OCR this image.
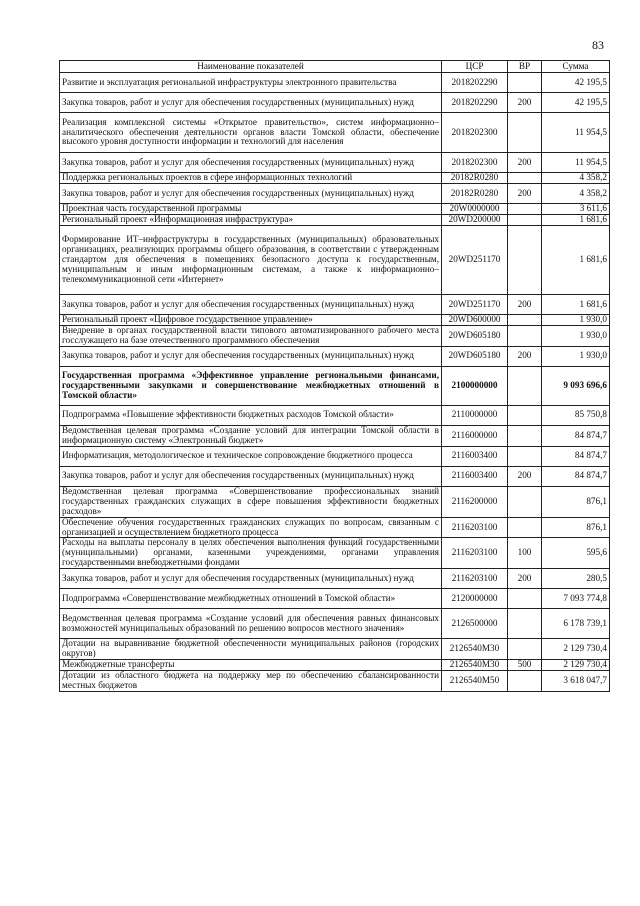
83
Наименование показателей	ЦСР	ВР	Сумма
Развитие и эксплуатация региональной инфраструктуры электронного правительства	2018202290		42 195,5
Закупка товаров, работ и услуг для обеспечения государственных (муниципальных) нужд	2018202290	200	42 195,5
Реализация комплексной системы «Открытое правительство», систем информационно–аналитического обеспечения деятельности органов власти Томской области, обеспечение высокого уровня доступности информации и технологий для населения	2018202300		11 954,5
Закупка товаров, работ и услуг для обеспечения государственных (муниципальных) нужд	2018202300	200	11 954,5
Поддержка региональных проектов в сфере информационных технологий	20182R0280		4 358,2
Закупка товаров, работ и услуг для обеспечения государственных (муниципальных) нужд	20182R0280	200	4 358,2
Проектная часть государственной программы	20W0000000		3 611,6
Региональный проект «Информационная инфраструктура»	20WD200000		1 681,6
Формирование ИТ–инфраструктуры в государственных (муниципальных) образовательных организациях, реализующих программы общего образования, в соответствии с утвержденным стандартом для обеспечения в помещениях безопасного доступа к государственным, муниципальным и иным информационным системам, а также к информационно–телекоммуникационной сети «Интернет»	20WD251170		1 681,6
Закупка товаров, работ и услуг для обеспечения государственных (муниципальных) нужд	20WD251170	200	1 681,6
Региональный проект «Цифровое государственное управление»	20WD600000		1 930,0
Внедрение в органах государственной власти типового автоматизированного рабочего места госслужащего на базе отечественного программного обеспечения	20WD605180		1 930,0
Закупка товаров, работ и услуг для обеспечения государственных (муниципальных) нужд	20WD605180	200	1 930,0
Государственная программа «Эффективное управление региональными финансами, государственными закупками и совершенствование межбюджетных отношений в Томской области»	2100000000		9 093 696,6
Подпрограмма «Повышение эффективности бюджетных расходов Томской области»	2110000000		85 750,8
Ведомственная целевая программа «Создание условий для интеграции Томской области в информационную систему «Электронный бюджет»	2116000000		84 874,7
Информатизация, методологическое и техническое сопровождение бюджетного процесса	2116003400		84 874,7
Закупка товаров, работ и услуг для обеспечения государственных (муниципальных) нужд	2116003400	200	84 874,7
Ведомственная целевая программа «Совершенствование профессиональных знаний государственных гражданских служащих в сфере повышения эффективности бюджетных расходов»	2116200000		876,1
Обеспечение обучения государственных гражданских служащих по вопросам, связанным с организацией и осуществлением бюджетного процесса	2116203100		876,1
Расходы на выплаты персоналу в целях обеспечения выполнения функций государственными (муниципальными) органами, казенными учреждениями, органами управления государственными внебюджетными фондами	2116203100	100	595,6
Закупка товаров, работ и услуг для обеспечения государственных (муниципальных) нужд	2116203100	200	280,5
Подпрограмма «Совершенствование межбюджетных отношений в Томской области»	2120000000		7 093 774,8
Ведомственная целевая программа «Создание условий для обеспечения равных финансовых возможностей муниципальных образований по решению вопросов местного значения»	2126500000		6 178 739,1
Дотации на выравнивание бюджетной обеспеченности муниципальных районов (городских округов)	2126540M30		2 129 730,4
Межбюджетные трансферты	2126540M30	500	2 129 730,4
Дотации из областного бюджета на поддержку мер по обеспечению сбалансированности местных бюджетов	2126540M50		3 618 047,7
